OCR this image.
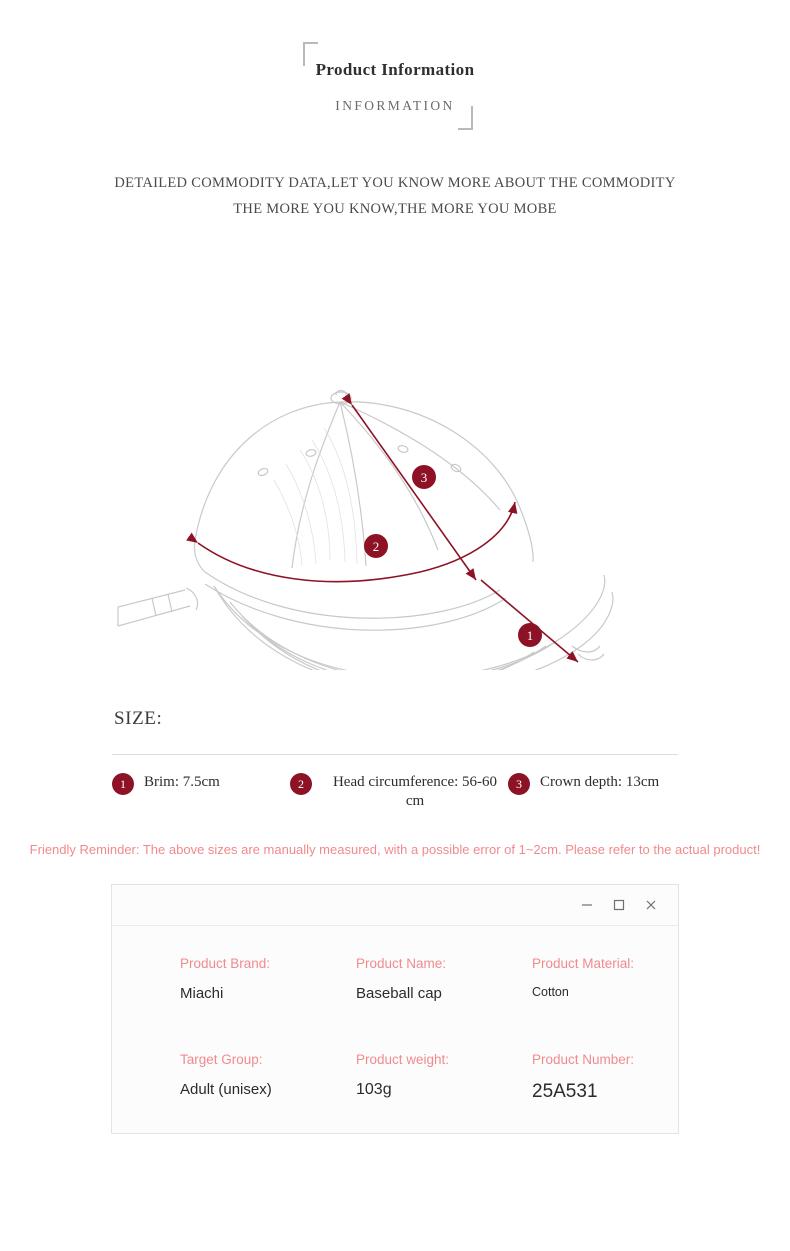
Product Information
INFORMATION
DETAILED COMMODITY DATA,LET YOU KNOW MORE ABOUT THE COMMODITY
THE MORE YOU KNOW,THE MORE YOU MOBE
3
2
1
SIZE:
1	Brim: 7.5cm	2	Head circumference: 56-60 cm
3	Crown depth: 13cm
Friendly Reminder: The above sizes are manually measured, with a possible error of 1~2cm. Please refer to the actual product!
Product Brand:
Miachi
Product Name:
Baseball cap
Product Material:
Cotton
Target Group:
Adult (unisex)
Product weight:
103g
Product Number:
25A531
